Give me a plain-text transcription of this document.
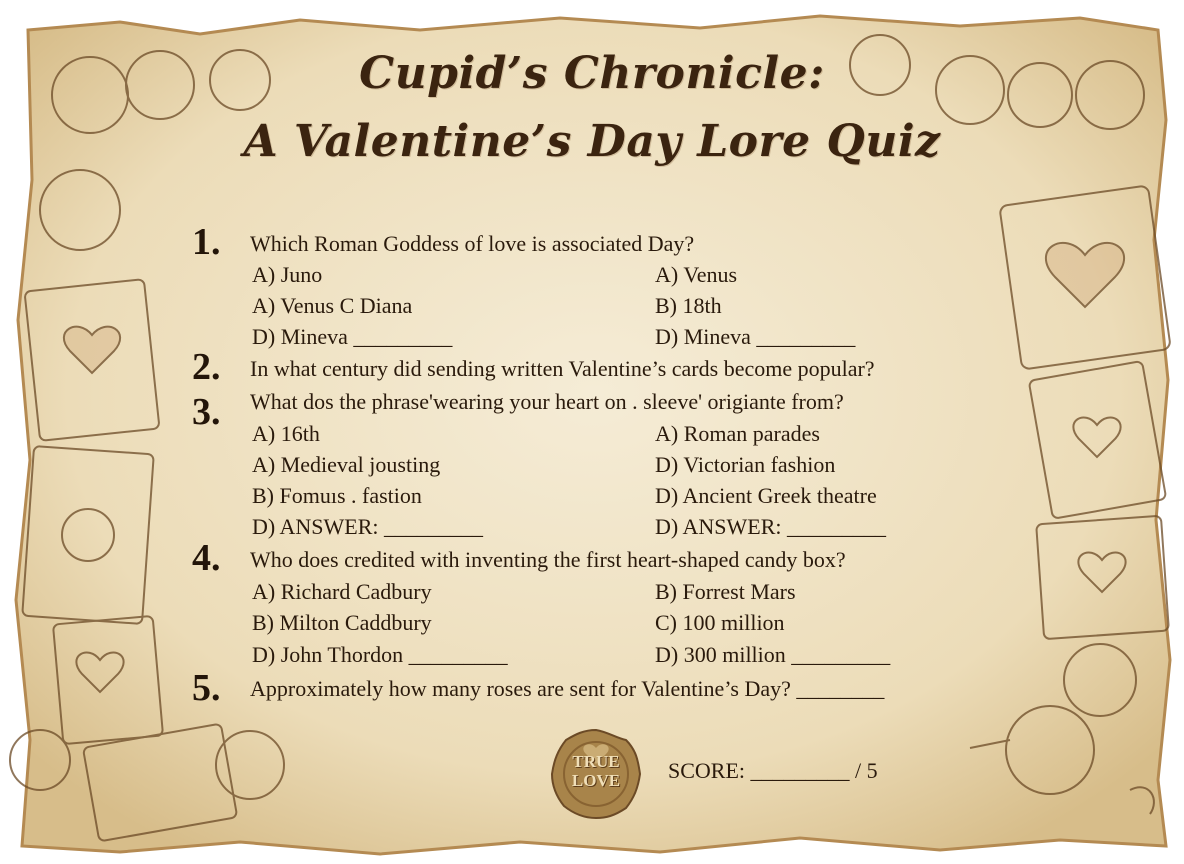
Cupid’s Chronicle:
A Valentine’s Day Lore Quiz
1. Which Roman Goddess of love is associated Day?
A) Juno	A) Venus
A) Venus C Diana	B) 18th
D) Mineva _________	D) Mineva _________
2. In what century did sending written Valentine’s cards become popular?
3. What dos the phrase'wearing your heart on . sleeve' origiante from?
A) 16th	A) Roman parades
A) Medieval jousting	D) Victorian fashion
B) Fomuıs . fastion	D) Ancient Greek theatre
D) ANSWER: _________	D) ANSWER: _________
4. Who does credited with inventing the first heart-shaped candy box?
A) Richard Cadbury	B) Forrest Mars
B) Milton Caddbury	C) 100 million
D) John Thordon _________	D) 300 million _________
5. Approximately how many roses are sent for Valentine’s Day? ________
TRUE
LOVE	SCORE: _________ / 5
